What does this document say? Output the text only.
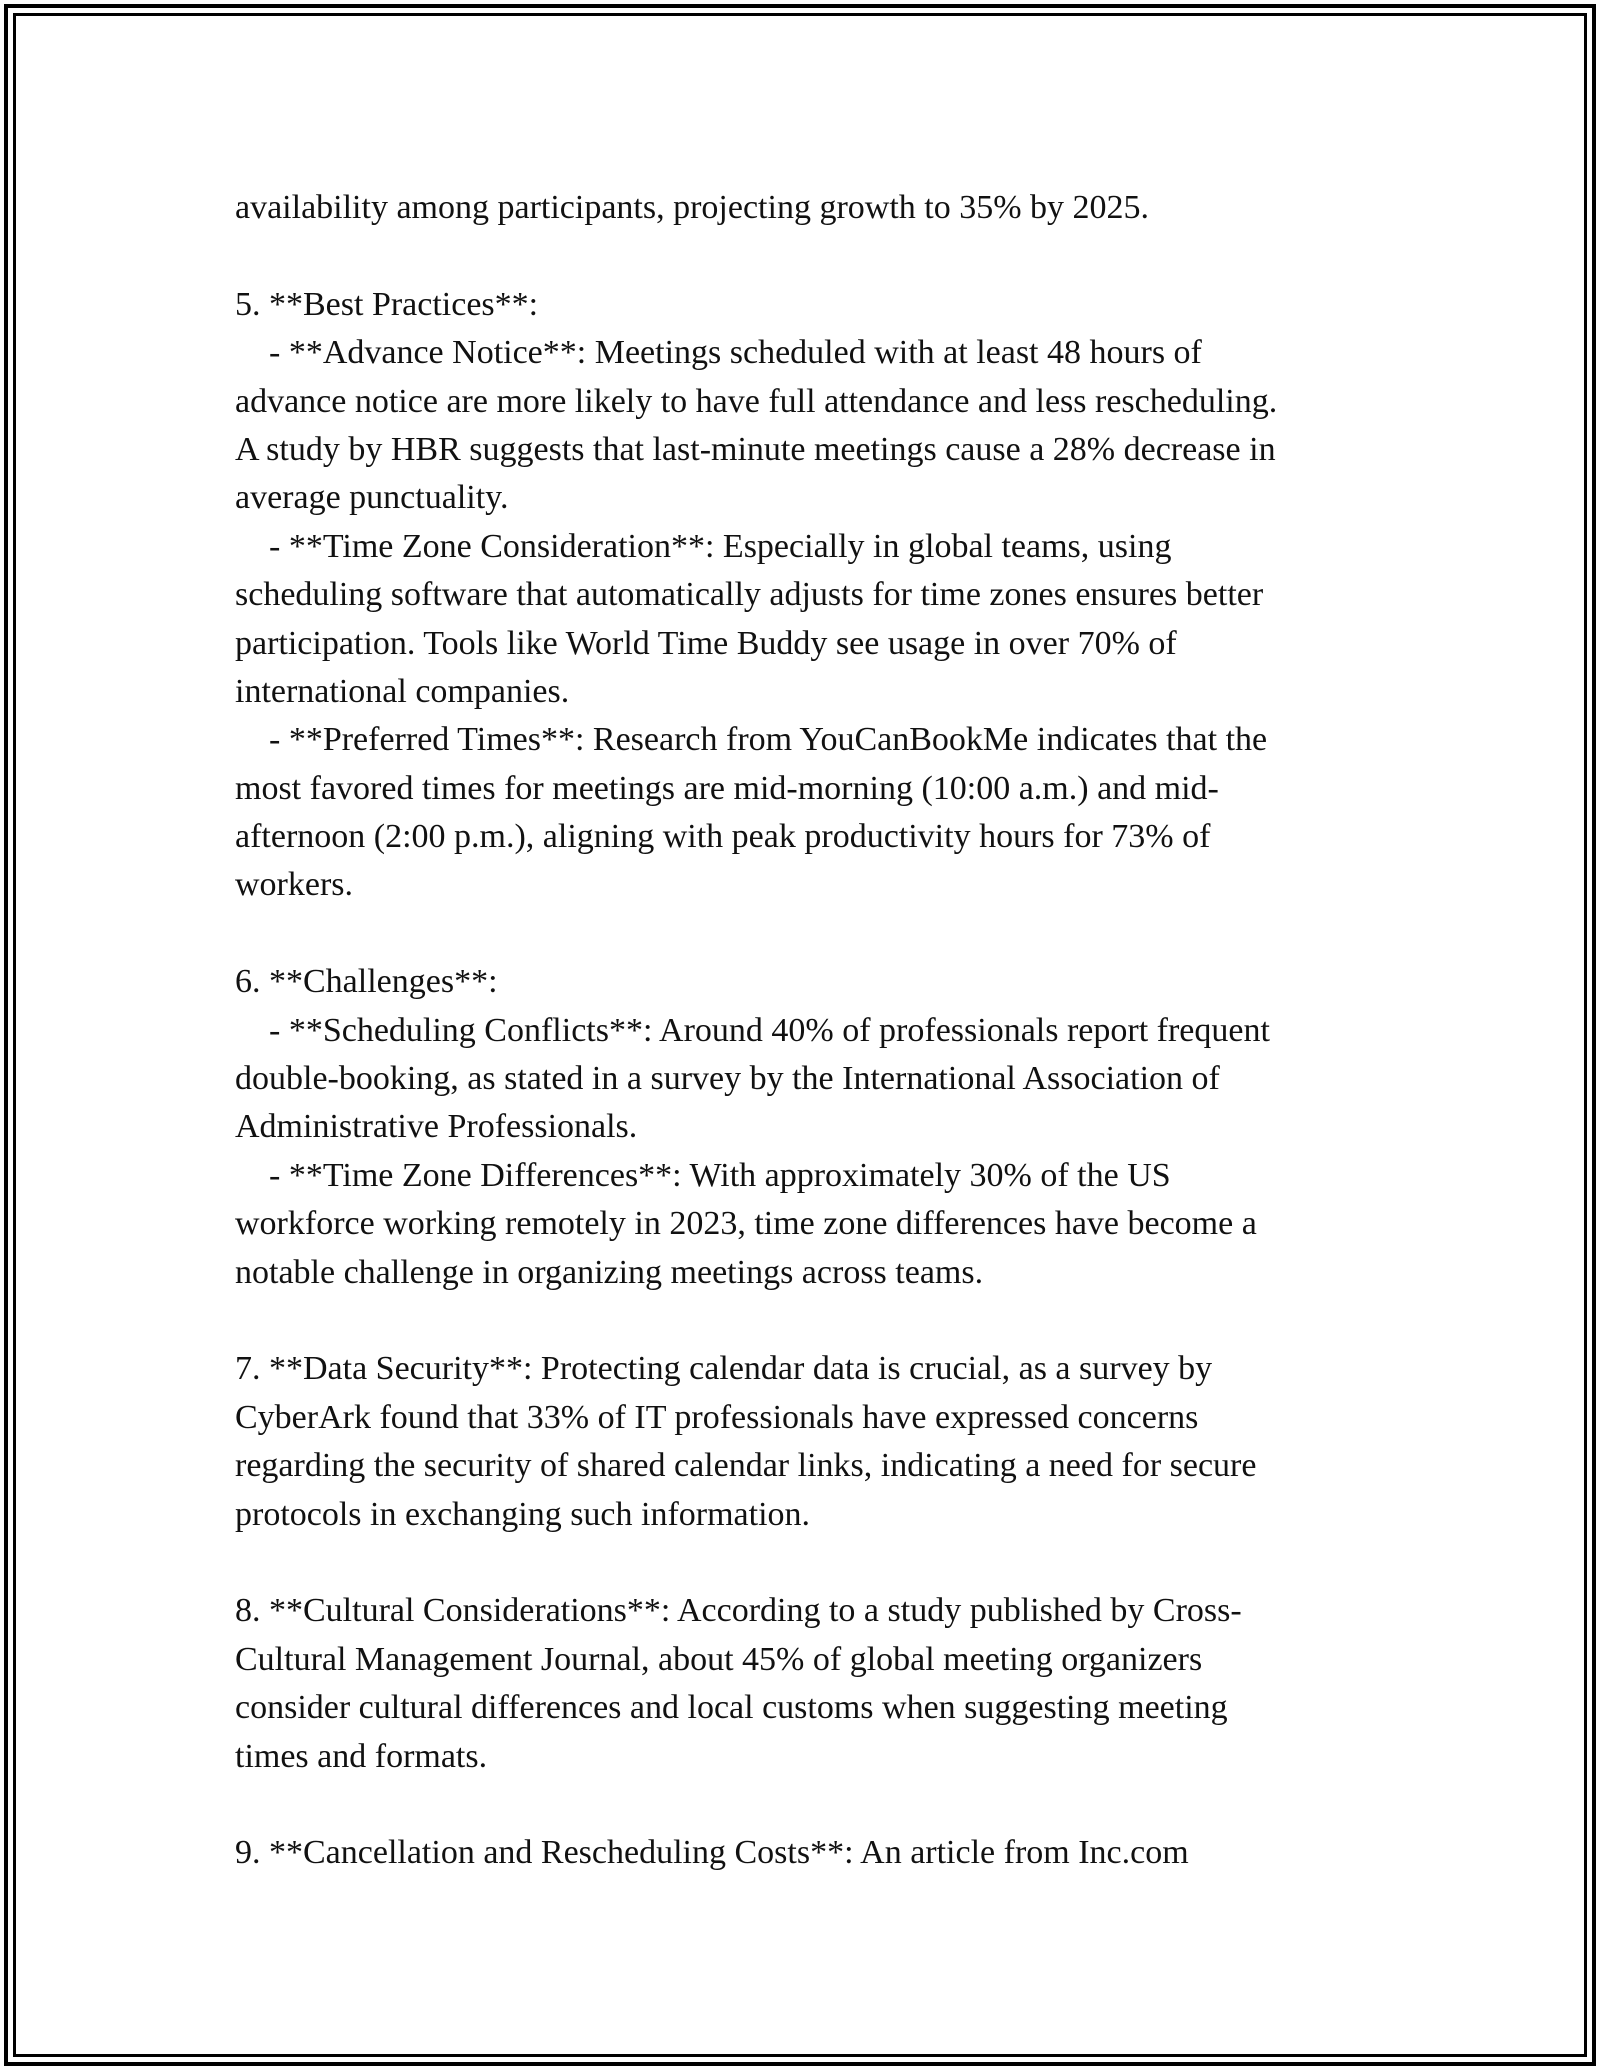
availability among participants, projecting growth to 35% by 2025.
5. **Best Practices**:
- **Advance Notice**: Meetings scheduled with at least 48 hours of
advance notice are more likely to have full attendance and less rescheduling.
A study by HBR suggests that last-minute meetings cause a 28% decrease in
average punctuality.
- **Time Zone Consideration**: Especially in global teams, using
scheduling software that automatically adjusts for time zones ensures better
participation. Tools like World Time Buddy see usage in over 70% of
international companies.
- **Preferred Times**: Research from YouCanBookMe indicates that the
most favored times for meetings are mid-morning (10:00 a.m.) and mid-
afternoon (2:00 p.m.), aligning with peak productivity hours for 73% of
workers.
6. **Challenges**:
- **Scheduling Conflicts**: Around 40% of professionals report frequent
double-booking, as stated in a survey by the International Association of
Administrative Professionals.
- **Time Zone Differences**: With approximately 30% of the US
workforce working remotely in 2023, time zone differences have become a
notable challenge in organizing meetings across teams.
7. **Data Security**: Protecting calendar data is crucial, as a survey by
CyberArk found that 33% of IT professionals have expressed concerns
regarding the security of shared calendar links, indicating a need for secure
protocols in exchanging such information.
8. **Cultural Considerations**: According to a study published by Cross-
Cultural Management Journal, about 45% of global meeting organizers
consider cultural differences and local customs when suggesting meeting
times and formats.
9. **Cancellation and Rescheduling Costs**: An article from Inc.com
